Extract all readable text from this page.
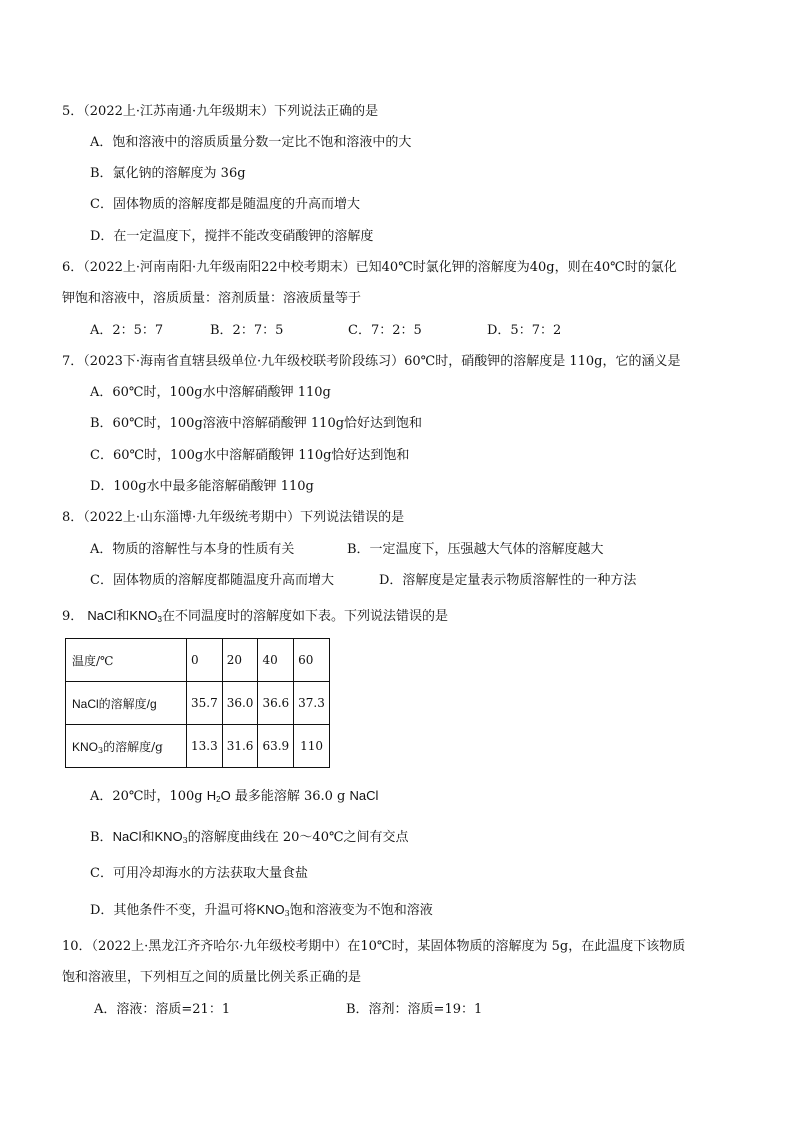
5．（2022上·江苏南通·九年级期末）下列说法正确的是
A．饱和溶液中的溶质质量分数一定比不饱和溶液中的大
B．氯化钠的溶解度为 36g
C．固体物质的溶解度都是随温度的升高而增大
D．在一定温度下，搅拌不能改变硝酸钾的溶解度
6．（2022上·河南南阳·九年级南阳22中校考期末）已知40℃时氯化钾的溶解度为40g，则在40℃时的氯化
钾饱和溶液中，溶质质量：溶剂质量：溶液质量等于
A．2：5：7	B．2：7：5	C．7：2：5	D．5：7：2
7．（2023下·海南省直辖县级单位·九年级校联考阶段练习）60℃时，硝酸钾的溶解度是 110g，它的涵义是
A．60℃时，100g水中溶解硝酸钾 110g
B．60℃时，100g溶液中溶解硝酸钾 110g恰好达到饱和
C．60℃时，100g水中溶解硝酸钾 110g恰好达到饱和
D．100g水中最多能溶解硝酸钾 110g
8．（2022上·山东淄博·九年级统考期中）下列说法错误的是
A．物质的溶解性与本身的性质有关	B．一定温度下，压强越大气体的溶解度越大
C．固体物质的溶解度都随温度升高而增大	D．溶解度是定量表示物质溶解性的一种方法
9． NaCl和$KNO_3$在不同温度时的溶解度如下表。下列说法错误的是
温度/℃	0	20	40	60
NaCl的溶解度/g	35.7	36.0	36.6	37.3
$KNO_3$的溶解度/g	13.3	31.6	63.9	110
A．20℃时，100g $H_2O$ 最多能溶解 36.0 g NaCl
B．NaCl和$KNO_3$的溶解度曲线在 20～40℃之间有交点
C．可用冷却海水的方法获取大量食盐
D．其他条件不变，升温可将$KNO_3$饱和溶液变为不饱和溶液
10．（2022上·黑龙江齐齐哈尔·九年级校考期中）在10℃时，某固体物质的溶解度为 5g，在此温度下该物质
饱和溶液里，下列相互之间的质量比例关系正确的是
A．溶液：溶质=21：1	B．溶剂：溶质=19：1
